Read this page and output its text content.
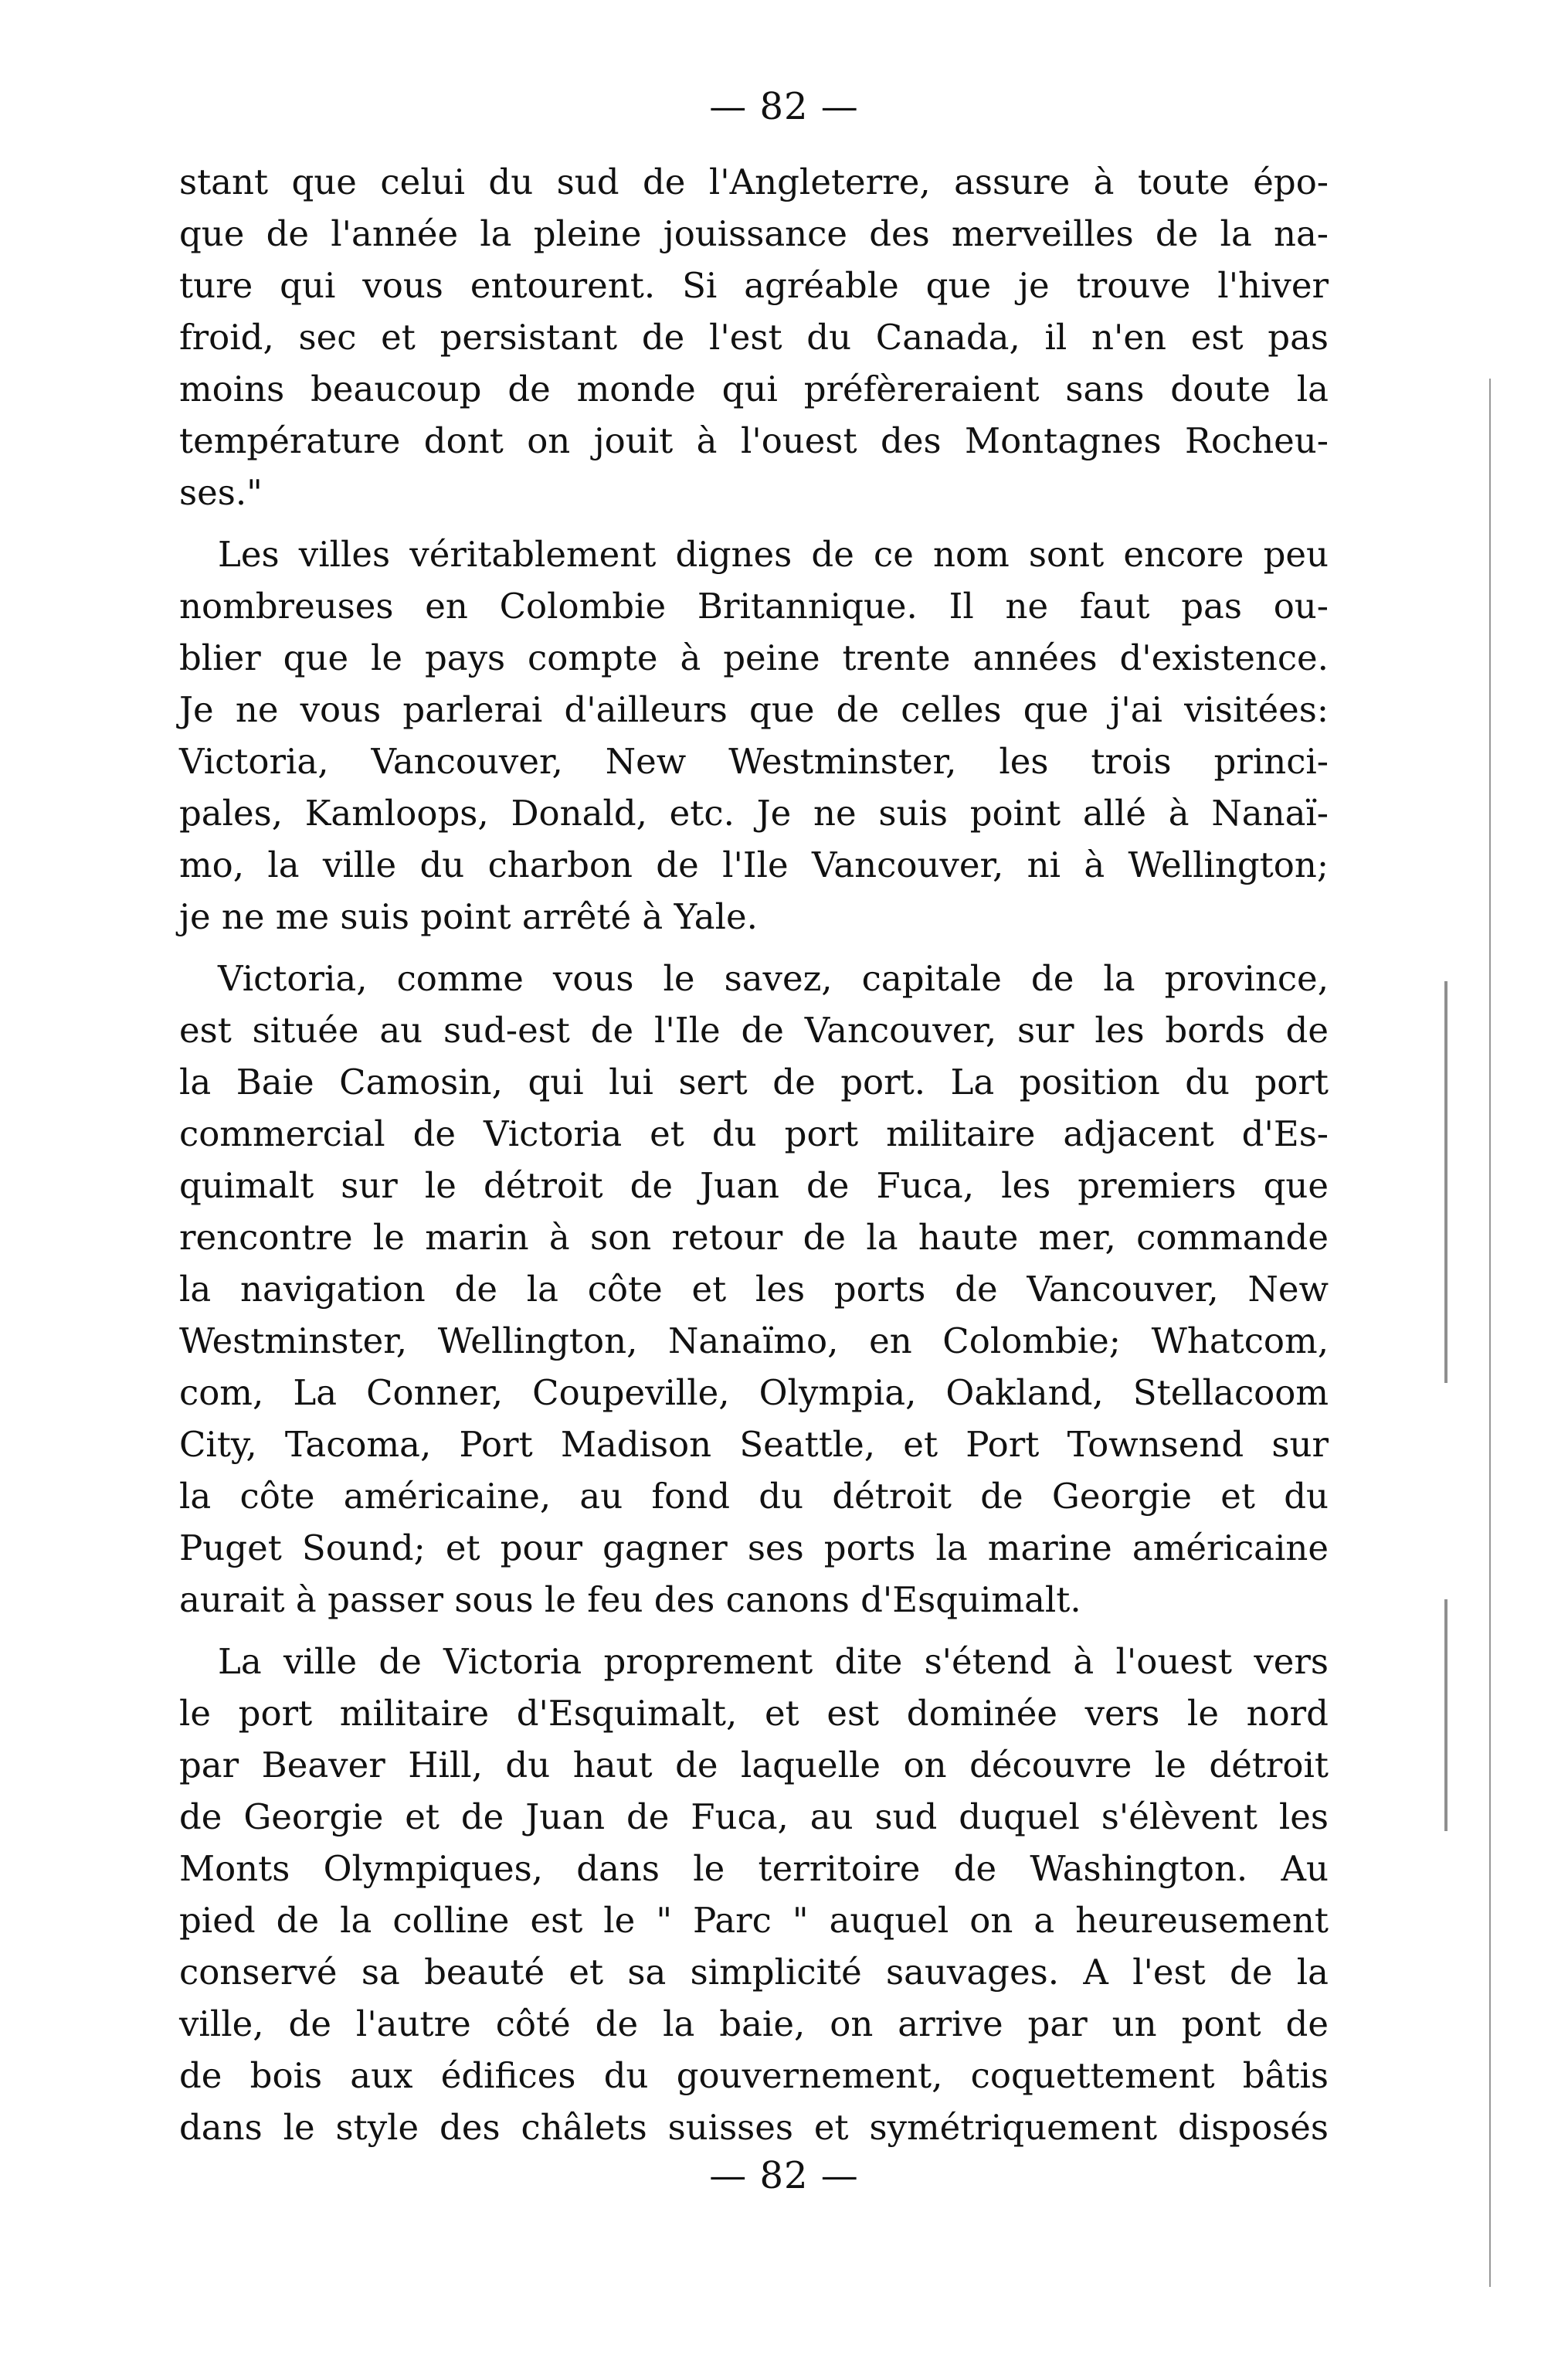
— 82 —
stant que celui du sud de l'Angleterre, assure à toute épo-
que de l'année la pleine jouissance des merveilles de la na-
ture qui vous entourent. Si agréable que je trouve l'hiver
froid, sec et persistant de l'est du Canada, il n'en est pas
moins beaucoup de monde qui préfèreraient sans doute la
température dont on jouit à l'ouest des Montagnes Rocheu-
ses."
Les villes véritablement dignes de ce nom sont encore peu
nombreuses en Colombie Britannique. Il ne faut pas ou-
blier que le pays compte à peine trente années d'existence.
Je ne vous parlerai d'ailleurs que de celles que j'ai visitées:
Victoria, Vancouver, New Westminster, les trois princi-
pales, Kamloops, Donald, etc. Je ne suis point allé à Nanaï-
mo, la ville du charbon de l'Ile Vancouver, ni à Wellington;
je ne me suis point arrêté à Yale.
Victoria, comme vous le savez, capitale de la province,
est située au sud-est de l'Ile de Vancouver, sur les bords de
la Baie Camosin, qui lui sert de port. La position du port
commercial de Victoria et du port militaire adjacent d'Es-
quimalt sur le détroit de Juan de Fuca, les premiers que
rencontre le marin à son retour de la haute mer, commande
la navigation de la côte et les ports de Vancouver, New
Westminster, Wellington, Nanaïmo, en Colombie; Whatcom,
com, La Conner, Coupeville, Olympia, Oakland, Stellacoom
City, Tacoma, Port Madison Seattle, et Port Townsend sur
la côte américaine, au fond du détroit de Georgie et du
Puget Sound; et pour gagner ses ports la marine américaine
aurait à passer sous le feu des canons d'Esquimalt.
La ville de Victoria proprement dite s'étend à l'ouest vers
le port militaire d'Esquimalt, et est dominée vers le nord
par Beaver Hill, du haut de laquelle on découvre le détroit
de Georgie et de Juan de Fuca, au sud duquel s'élèvent les
Monts Olympiques, dans le territoire de Washington. Au
pied de la colline est le " Parc " auquel on a heureusement
conservé sa beauté et sa simplicité sauvages. A l'est de la
ville, de l'autre côté de la baie, on arrive par un pont de
de bois aux édifices du gouvernement, coquettement bâtis
dans le style des châlets suisses et symétriquement disposés
— 82 —
